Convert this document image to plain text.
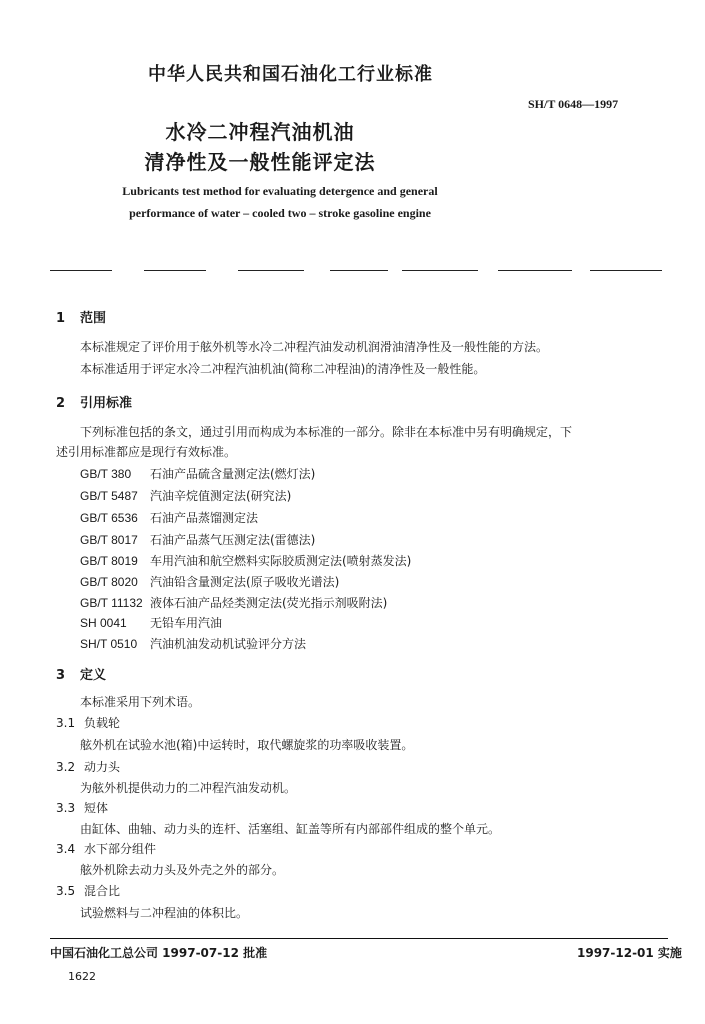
中华人民共和国石油化工行业标准
SH/T 0648—1997
水冷二冲程汽油机油
清净性及一般性能评定法
Lubricants test method for evaluating detergence and general
performance of water – cooled two – stroke gasoline engine
1 范围
本标准规定了评价用于舷外机等水冷二冲程汽油发动机润滑油清净性及一般性能的方法。
本标准适用于评定水冷二冲程汽油机油(简称二冲程油)的清净性及一般性能。
2 引用标准
下列标准包括的条文，通过引用而构成为本标准的一部分。除非在本标准中另有明确规定，下
述引用标准都应是现行有效标准。
GB/T 380 石油产品硫含量测定法(燃灯法)
GB/T 5487 汽油辛烷值测定法(研究法)
GB/T 6536 石油产品蒸馏测定法
GB/T 8017 石油产品蒸气压测定法(雷德法)
GB/T 8019 车用汽油和航空燃料实际胶质测定法(喷射蒸发法)
GB/T 8020 汽油铅含量测定法(原子吸收光谱法)
GB/T 11132 液体石油产品烃类测定法(荧光指示剂吸附法)
SH 0041 无铅车用汽油
SH/T 0510 汽油机油发动机试验评分方法
3 定义
本标准采用下列术语。
3.1 负载轮
舷外机在试验水池(箱)中运转时，取代螺旋浆的功率吸收装置。
3.2 动力头
为舷外机提供动力的二冲程汽油发动机。
3.3 短体
由缸体、曲轴、动力头的连杆、活塞组、缸盖等所有内部部件组成的整个单元。
3.4 水下部分组件
舷外机除去动力头及外壳之外的部分。
3.5 混合比
试验燃料与二冲程油的体积比。
中国石油化工总公司 1997-07-12 批准	1997-12-01 实施
1622
